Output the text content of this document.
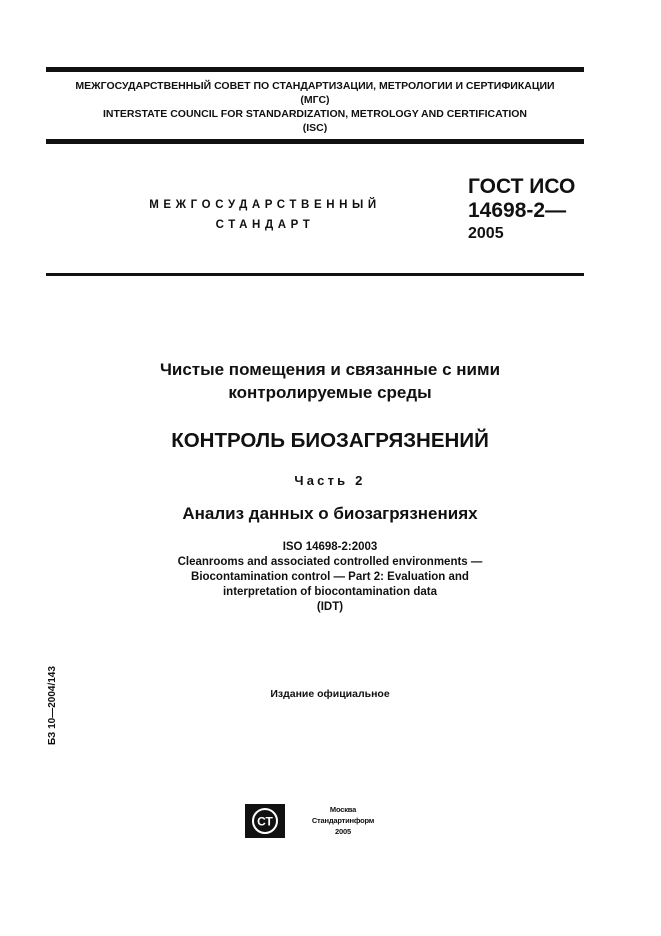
МЕЖГОСУДАРСТВЕННЫЙ СОВЕТ ПО СТАНДАРТИЗАЦИИ, МЕТРОЛОГИИ И СЕРТИФИКАЦИИ
(МГС)
INTERSTATE COUNCIL FOR STANDARDIZATION, METROLOGY AND CERTIFICATION
(ISC)
МЕЖГОСУДАРСТВЕННЫЙ
СТАНДАРТ
ГОСТ ИСО
14698-2—
2005
Чистые помещения и связанные с ними
контролируемые среды
КОНТРОЛЬ БИОЗАГРЯЗНЕНИЙ
Часть 2
Анализ данных о биозагрязнениях
ISO 14698-2:2003
Cleanrooms and associated controlled environments —
Biocontamination control — Part 2: Evaluation and
interpretation of biocontamination data
(IDT)
Издание официальное
БЗ 10—2004/143
СТ
Москва
Стандартинформ
2005
